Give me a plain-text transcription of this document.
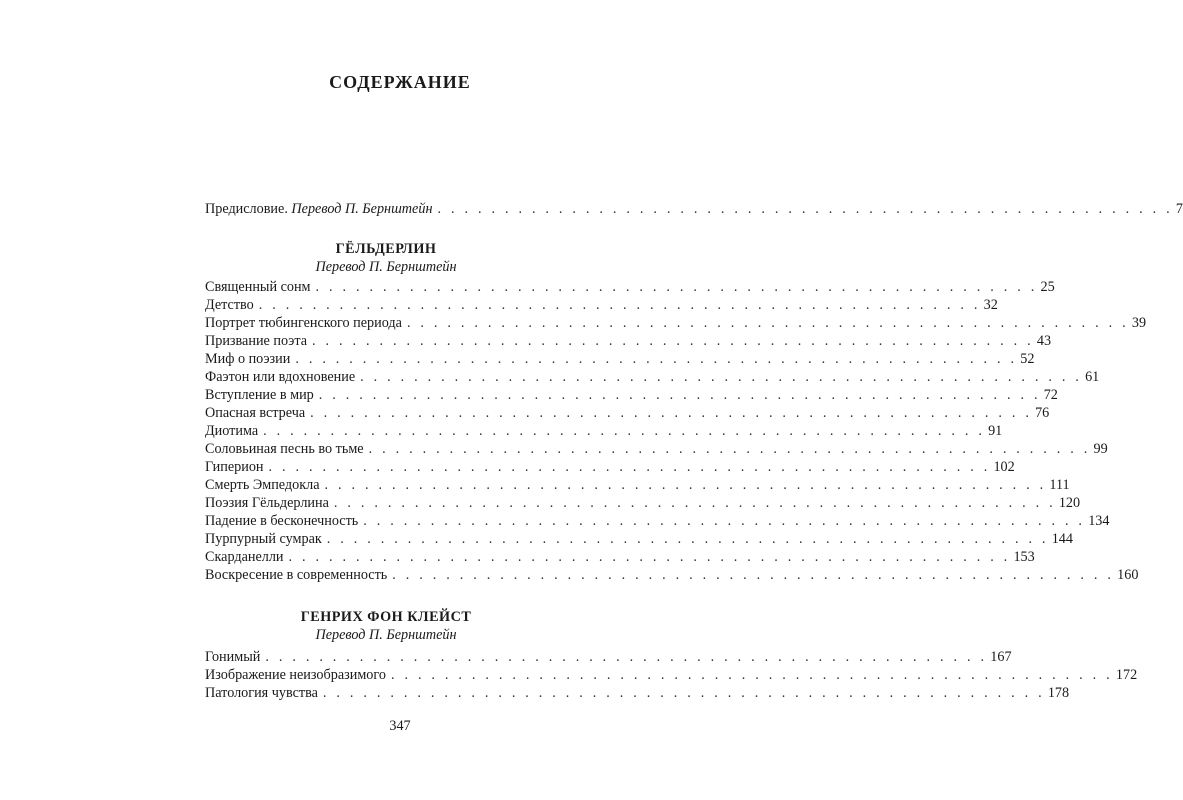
СОДЕРЖАНИЕ
Предисловие. Перевод П. Бернштейн . . . . . . . . . . . . . . . . . . . . . . . . . . . . . . . . . . . . . . . . . . . . . . . . . . . . . . . 7
ГЁЛЬДЕРЛИН
Перевод П. Бернштейн
Священный сонм . . . . . . . . . . . . . . . . . . . . . . . . . . . . . . . . . . . . . . . . . . . . . . . . . . . . . . 25
Детство . . . . . . . . . . . . . . . . . . . . . . . . . . . . . . . . . . . . . . . . . . . . . . . . . . . . . . 32
Портрет тюбингенского периода . . . . . . . . . . . . . . . . . . . . . . . . . . . . . . . . . . . . . . . . . . . . . . . . . . . . . . 39
Призвание поэта . . . . . . . . . . . . . . . . . . . . . . . . . . . . . . . . . . . . . . . . . . . . . . . . . . . . . . 43
Миф о поэзии . . . . . . . . . . . . . . . . . . . . . . . . . . . . . . . . . . . . . . . . . . . . . . . . . . . . . . 52
Фаэтон или вдохновение . . . . . . . . . . . . . . . . . . . . . . . . . . . . . . . . . . . . . . . . . . . . . . . . . . . . . . 61
Вступление в мир . . . . . . . . . . . . . . . . . . . . . . . . . . . . . . . . . . . . . . . . . . . . . . . . . . . . . . 72
Опасная встреча . . . . . . . . . . . . . . . . . . . . . . . . . . . . . . . . . . . . . . . . . . . . . . . . . . . . . . 76
Диотима . . . . . . . . . . . . . . . . . . . . . . . . . . . . . . . . . . . . . . . . . . . . . . . . . . . . . . 91
Соловьиная песнь во тьме . . . . . . . . . . . . . . . . . . . . . . . . . . . . . . . . . . . . . . . . . . . . . . . . . . . . . . 99
Гиперион . . . . . . . . . . . . . . . . . . . . . . . . . . . . . . . . . . . . . . . . . . . . . . . . . . . . . . 102
Смерть Эмпедокла . . . . . . . . . . . . . . . . . . . . . . . . . . . . . . . . . . . . . . . . . . . . . . . . . . . . . . 111
Поэзия Гёльдерлина . . . . . . . . . . . . . . . . . . . . . . . . . . . . . . . . . . . . . . . . . . . . . . . . . . . . . . 120
Падение в бесконечность . . . . . . . . . . . . . . . . . . . . . . . . . . . . . . . . . . . . . . . . . . . . . . . . . . . . . . 134
Пурпурный сумрак . . . . . . . . . . . . . . . . . . . . . . . . . . . . . . . . . . . . . . . . . . . . . . . . . . . . . . 144
Скарданелли . . . . . . . . . . . . . . . . . . . . . . . . . . . . . . . . . . . . . . . . . . . . . . . . . . . . . . 153
Воскресение в современность . . . . . . . . . . . . . . . . . . . . . . . . . . . . . . . . . . . . . . . . . . . . . . . . . . . . . . 160
ГЕНРИХ ФОН КЛЕЙСТ
Перевод П. Бернштейн
Гонимый . . . . . . . . . . . . . . . . . . . . . . . . . . . . . . . . . . . . . . . . . . . . . . . . . . . . . . 167
Изображение неизобразимого . . . . . . . . . . . . . . . . . . . . . . . . . . . . . . . . . . . . . . . . . . . . . . . . . . . . . . 172
Патология чувства . . . . . . . . . . . . . . . . . . . . . . . . . . . . . . . . . . . . . . . . . . . . . . . . . . . . . . 178
347
